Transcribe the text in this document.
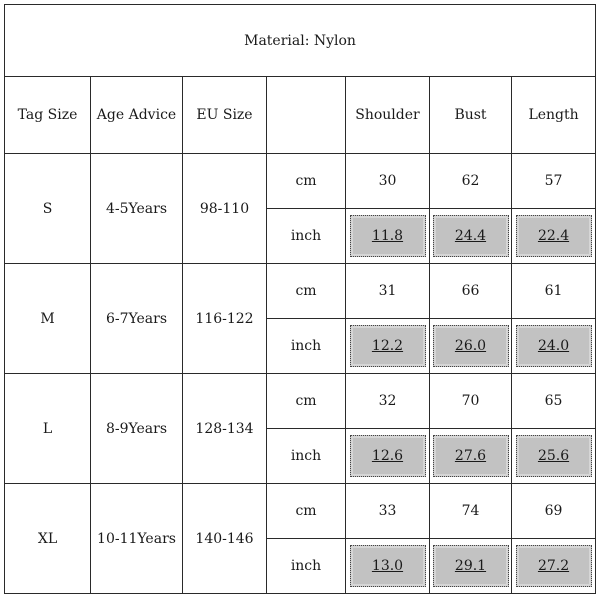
Material: Nylon						
Tag Size	Age Advice	EU Size		Shoulder	Bust	Length
S	4-5Years	98-110	cm	30	62	57
			inch	11.8	24.4	22.4

M	6-7Years	116-122	cm	31	66	61
			inch	12.2	26.0	24.0

L	8-9Years	128-134	cm	32	70	65
			inch	12.6	27.6	25.6

XL	10-11Years	140-146	cm	33	74	69
			inch	13.0	29.1	27.2
